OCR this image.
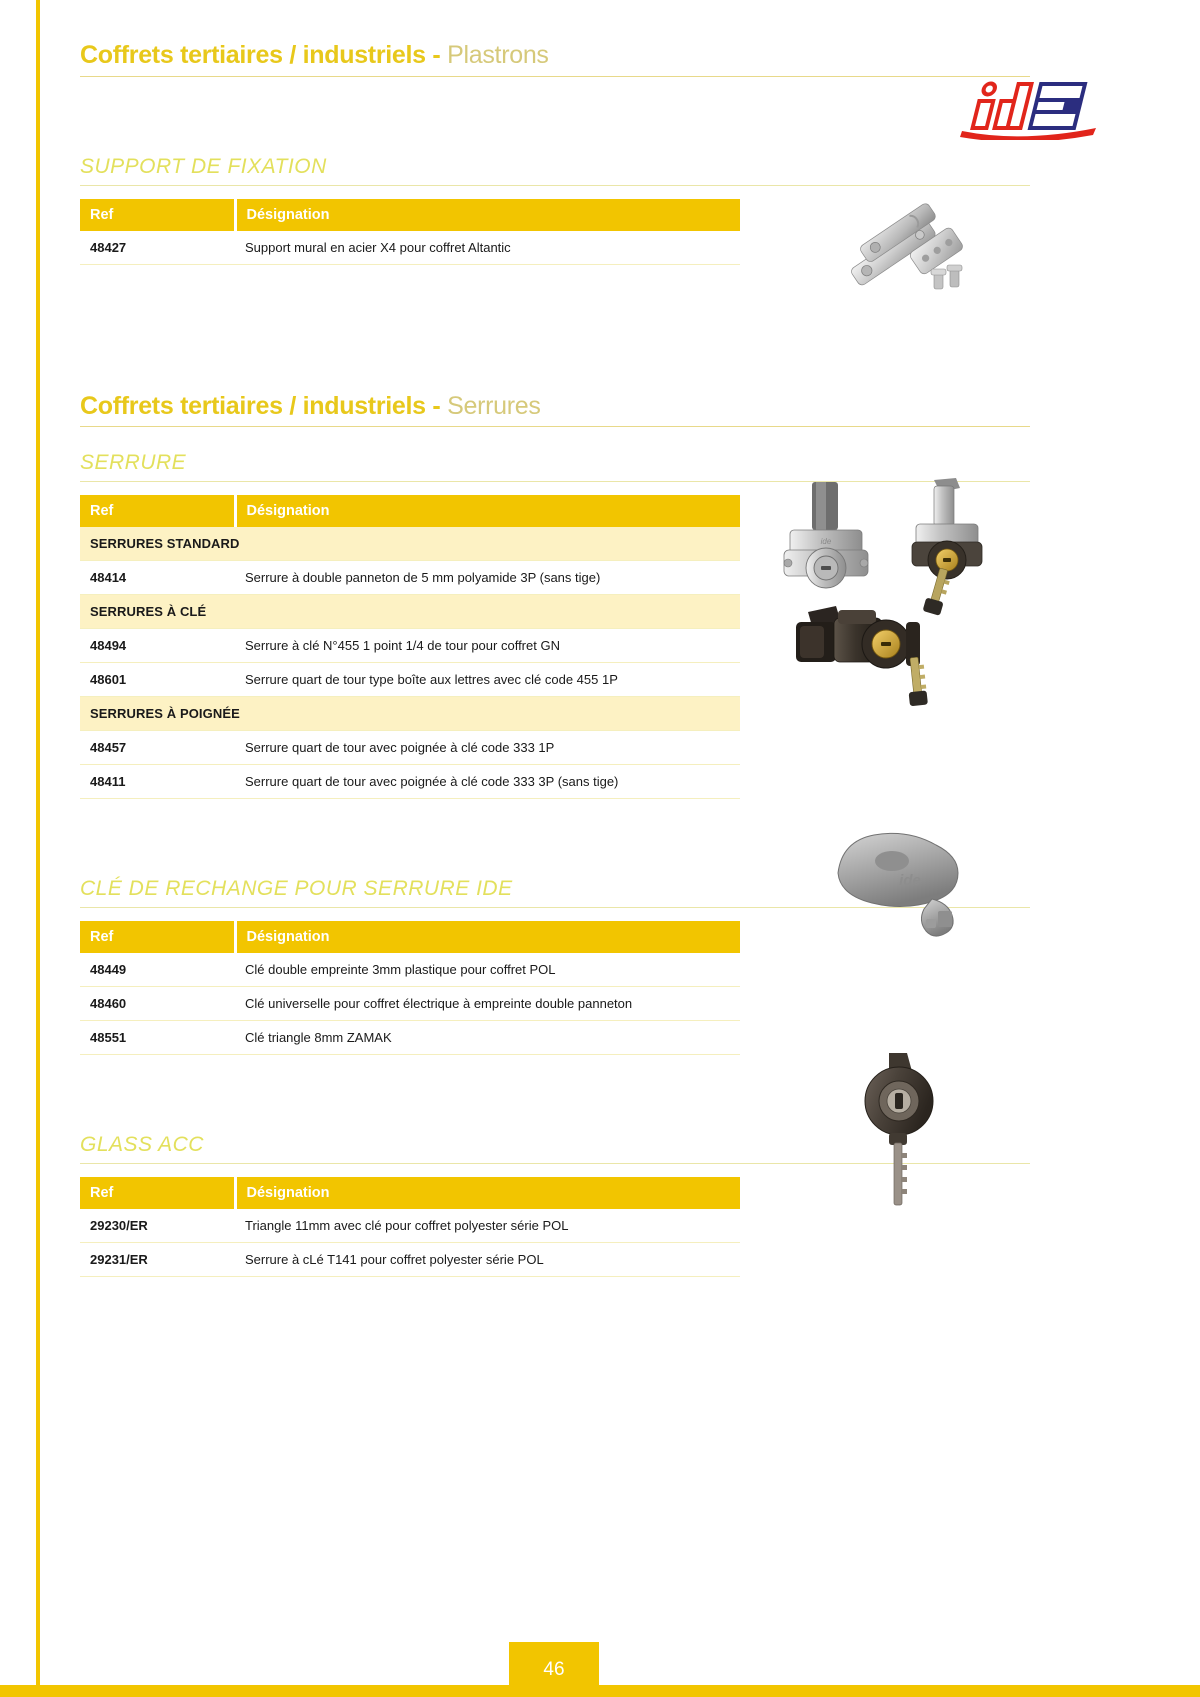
Coffrets tertiaires / industriels - Plastrons
SUPPORT DE FIXATION
Ref	Désignation
48427	Support mural en acier X4 pour coffret Altantic
Coffrets tertiaires / industriels - Serrures
SERRURE
Ref	Désignation
SERRURES STANDARD	
48414	Serrure à double panneton de 5 mm polyamide 3P (sans tige)
SERRURES À CLÉ	
48494	Serrure à clé N°455 1 point 1/4 de tour pour coffret GN
48601	Serrure quart de tour type boîte aux lettres avec clé code 455 1P
SERRURES À POIGNÉE	
48457	Serrure quart de tour avec poignée à clé code 333 1P
48411	Serrure quart de tour avec poignée à clé code 333 3P (sans tige)
CLÉ DE RECHANGE POUR SERRURE IDE
Ref	Désignation
48449	Clé double empreinte 3mm plastique pour coffret POL
48460	Clé universelle pour coffret électrique à empreinte double panneton
48551	Clé triangle 8mm ZAMAK
GLASS ACC
Ref	Désignation
29230/ER	Triangle 11mm avec clé pour coffret polyester série POL
29231/ER	Serrure à cLé T141 pour coffret polyester série POL
ide
ide
46
